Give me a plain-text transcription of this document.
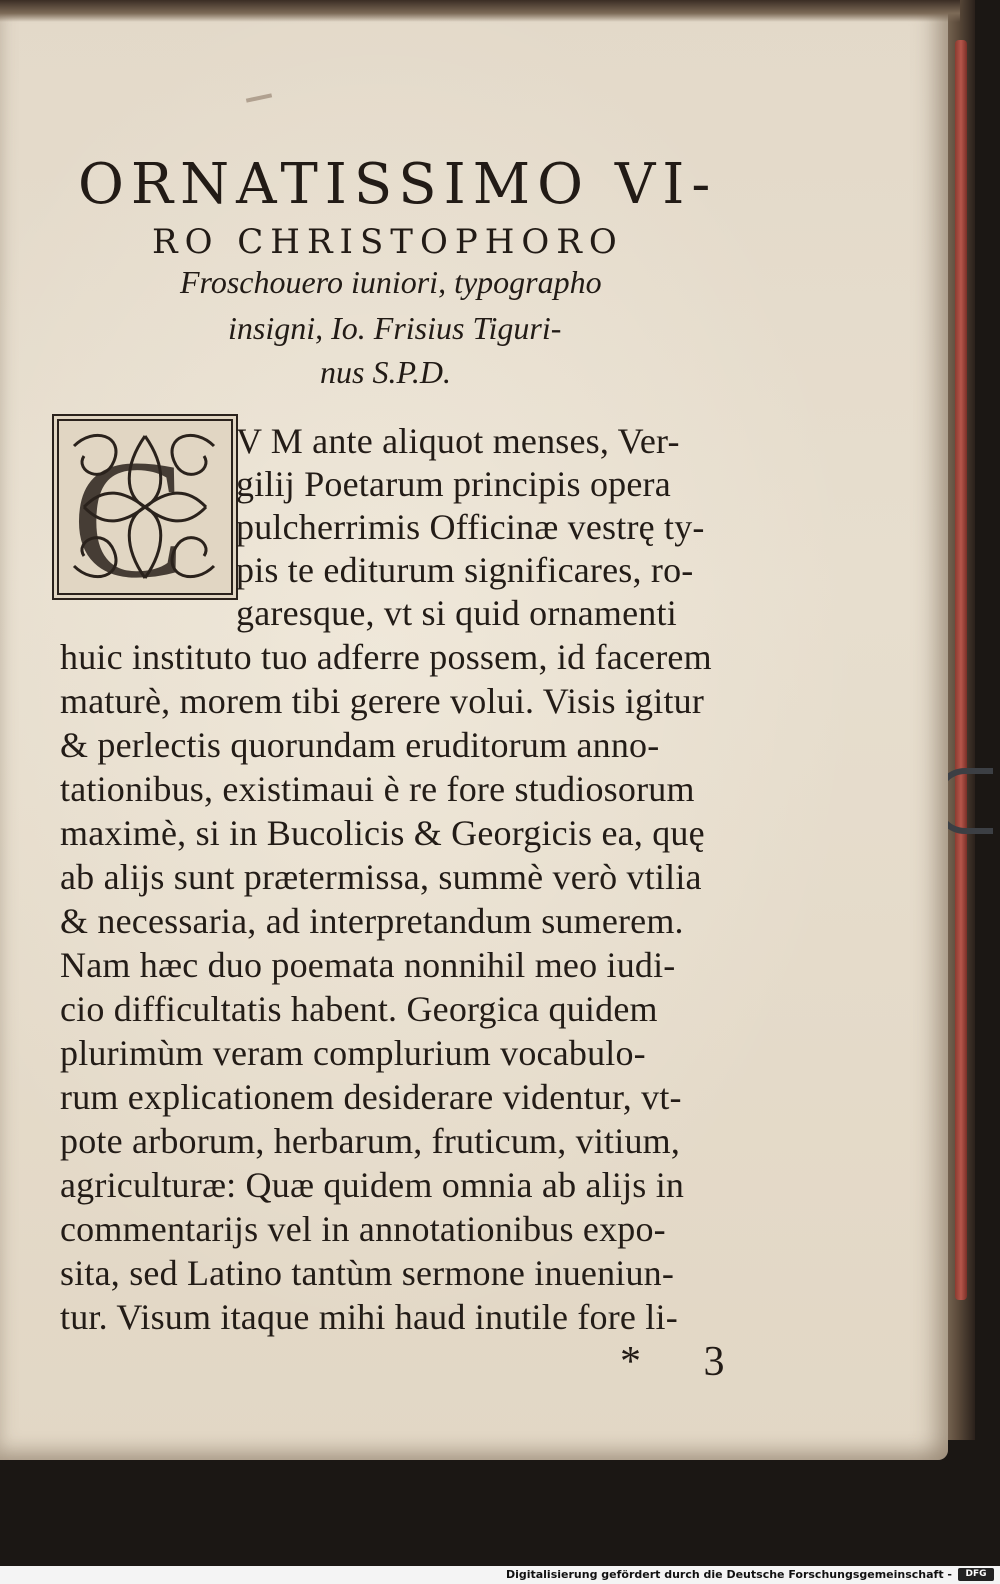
ORNATISSIMO VI-
RO CHRISTOPHORO
Froschouero iuniori, typographo
insigni, Io. Frisius Tiguri-
nus S.P.D.
C V M ante aliquot menses, Ver-
gilij Poetarum principis opera
pulcherrimis Officinæ vestrę ty-
pis te editurum significares, ro-
garesque, vt si quid ornamenti
huic instituto tuo adferre possem, id facerem
maturè, morem tibi gerere volui. Visis igitur
& perlectis quorundam eruditorum anno-
tationibus, existimaui è re fore studiosorum
maximè, si in Bucolicis & Georgicis ea, quę
ab alijs sunt prætermissa, summè verò vtilia
& necessaria, ad interpretandum sumerem.
Nam hæc duo poemata nonnihil meo iudi-
cio difficultatis habent. Georgica quidem
plurimùm veram complurium vocabulo-
rum explicationem desiderare videntur, vt-
pote arborum, herbarum, fruticum, vitium,
agriculturæ: Quæ quidem omnia ab alijs in
commentarijs vel in annotationibus expo-
sita, sed Latino tantùm sermone inueniun-
tur. Visum itaque mihi haud inutile fore li-
* 3
Digitalisierung gefördert durch die Deutsche Forschungsgemeinschaft -	DFG
